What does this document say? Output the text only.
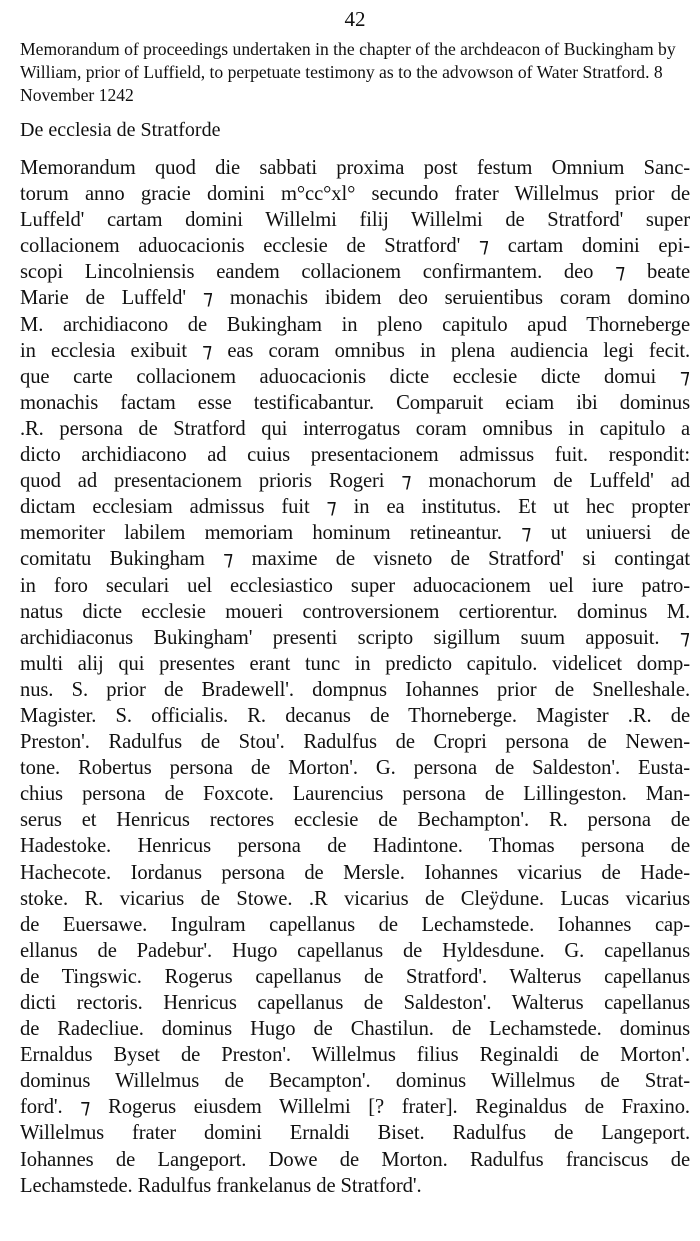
42

Memorandum of proceedings undertaken in the chapter of the archdeacon of Buckingham by William, prior of Luffield, to perpetuate testimony as to the advowson of Water Stratford. 8 November 1242

De ecclesia de Stratforde
Memorandum quod die sabbati proxima post festum Omnium Sanc-
torum anno gracie domini m°cc°xl° secundo frater Willelmus prior de
Luffeld' cartam domini Willelmi filij Willelmi de Stratford' super
collacionem aduocacionis ecclesie de Stratford' ⁊ cartam domini epi-
scopi Lincolniensis eandem collacionem confirmantem. deo ⁊ beate
Marie de Luffeld' ⁊ monachis ibidem deo seruientibus coram domino
M. archidiacono de Bukingham in pleno capitulo apud Thorneberge
in ecclesia exibuit ⁊ eas coram omnibus in plena audiencia legi fecit.
que carte collacionem aduocacionis dicte ecclesie dicte domui ⁊
monachis factam esse testificabantur. Comparuit eciam ibi dominus
.R. persona de Stratford qui interrogatus coram omnibus in capitulo a
dicto archidiacono ad cuius presentacionem admissus fuit. respondit:
quod ad presentacionem prioris Rogeri ⁊ monachorum de Luffeld' ad
dictam ecclesiam admissus fuit ⁊ in ea institutus. Et ut hec propter
memoriter labilem memoriam hominum retineantur. ⁊ ut uniuersi de
comitatu Bukingham ⁊ maxime de visneto de Stratford' si contingat
in foro seculari uel ecclesiastico super aduocacionem uel iure patro-
natus dicte ecclesie moueri controversionem certiorentur. dominus M.
archidiaconus Bukingham' presenti scripto sigillum suum apposuit. ⁊
multi alij qui presentes erant tunc in predicto capitulo. videlicet domp-
nus. S. prior de Bradewell'. dompnus Iohannes prior de Snelleshale.
Magister. S. officialis. R. decanus de Thorneberge. Magister .R. de
Preston'. Radulfus de Stou'. Radulfus de Cropri persona de Newen-
tone. Robertus persona de Morton'. G. persona de Saldeston'. Eusta-
chius persona de Foxcote. Laurencius persona de Lillingeston. Man-
serus et Henricus rectores ecclesie de Bechampton'. R. persona de
Hadestoke. Henricus persona de Hadintone. Thomas persona de
Hachecote. Iordanus persona de Mersle. Iohannes vicarius de Hade-
stoke. R. vicarius de Stowe. .R vicarius de Cleÿdune. Lucas vicarius
de Euersawe. Ingulram capellanus de Lechamstede. Iohannes cap-
ellanus de Padebur'. Hugo capellanus de Hyldesdune. G. capellanus
de Tingswic. Rogerus capellanus de Stratford'. Walterus capellanus
dicti rectoris. Henricus capellanus de Saldeston'. Walterus capellanus
de Radecliue. dominus Hugo de Chastilun. de Lechamstede. dominus
Ernaldus Byset de Preston'. Willelmus filius Reginaldi de Morton'.
dominus Willelmus de Becampton'. dominus Willelmus de Strat-
ford'. ⁊ Rogerus eiusdem Willelmi [? frater]. Reginaldus de Fraxino.
Willelmus frater domini Ernaldi Biset. Radulfus de Langeport.
Iohannes de Langeport. Dowe de Morton. Radulfus franciscus de
Lechamstede. Radulfus frankelanus de Stratford'.
